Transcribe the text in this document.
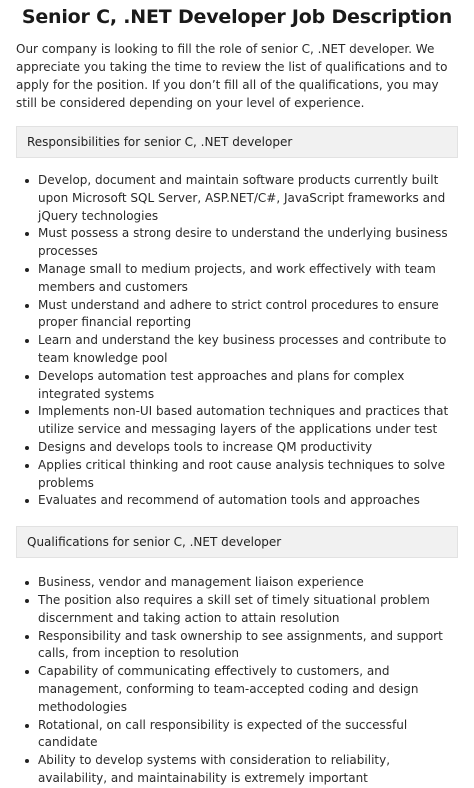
Senior C, .NET Developer Job Description

Our company is looking to fill the role of senior C, .NET developer. We appreciate you taking the time to review the list of qualifications and to apply for the position. If you don’t fill all of the qualifications, you may still be considered depending on your level of experience.

Responsibilities for senior C, .NET developer
Develop, document and maintain software products currently built upon Microsoft SQL Server, ASP.NET/C#, JavaScript frameworks and jQuery technologies
Must possess a strong desire to understand the underlying business processes
Manage small to medium projects, and work effectively with team members and customers
Must understand and adhere to strict control procedures to ensure proper financial reporting
Learn and understand the key business processes and contribute to team knowledge pool
Develops automation test approaches and plans for complex integrated systems
Implements non-UI based automation techniques and practices that utilize service and messaging layers of the applications under test
Designs and develops tools to increase QM productivity
Applies critical thinking and root cause analysis techniques to solve problems
Evaluates and recommend of automation tools and approaches
Qualifications for senior C, .NET developer
Business, vendor and management liaison experience
The position also requires a skill set of timely situational problem discernment and taking action to attain resolution
Responsibility and task ownership to see assignments, and support calls, from inception to resolution
Capability of communicating effectively to customers, and management, conforming to team-accepted coding and design methodologies
Rotational, on call responsibility is expected of the successful candidate
Ability to develop systems with consideration to reliability, availability, and maintainability is extremely important
